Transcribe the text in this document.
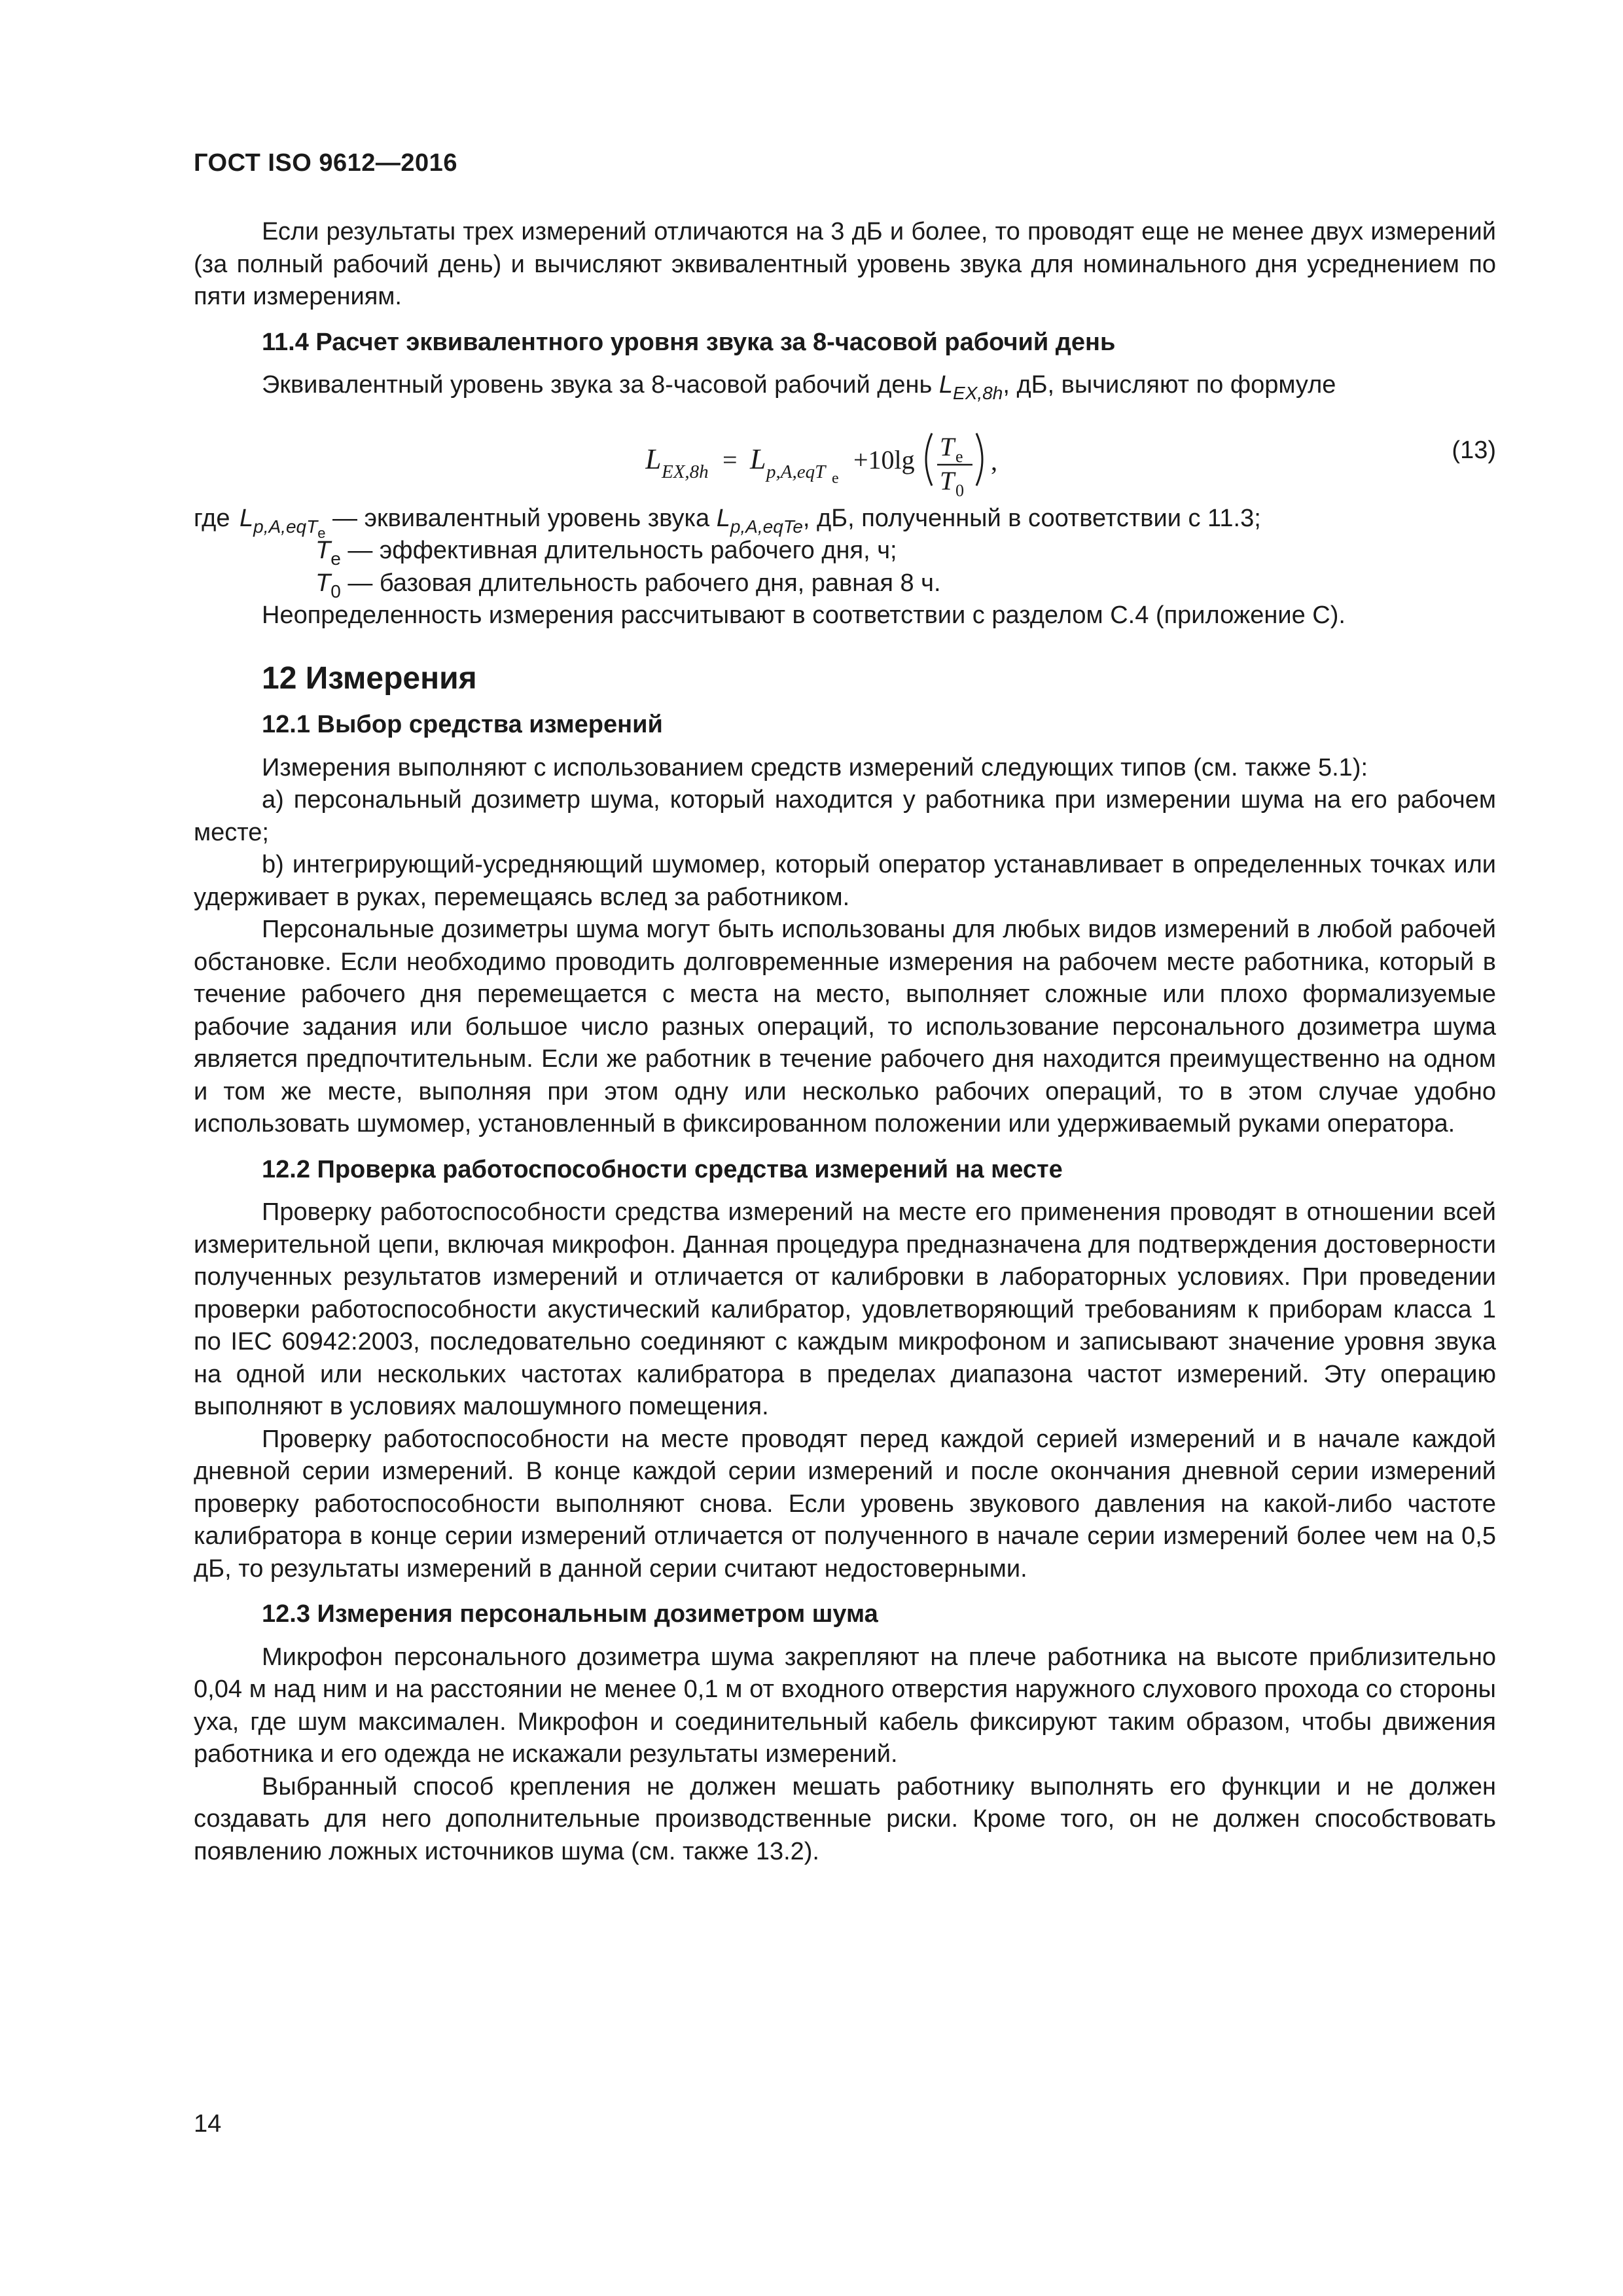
ГОСТ ISO 9612—2016

Если результаты трех измерений отличаются на 3 дБ и более, то проводят еще не менее двух измерений (за полный рабочий день) и вычисляют эквивалентный уровень звука для номинального дня усреднением по пяти измерениям.

11.4 Расчет эквивалентного уровня звука за 8-часовой рабочий день

Эквивалентный уровень звука за 8-часовой рабочий день $L_{EX,8h}$, дБ, вычисляют по формуле

L EX,8h = L p,A,eqT e
+10lg T e
T 0
,	(13)
где $L_{p,A,eqTe}$ — эквивалентный уровень звука $L_{p,A,eqTe}$, дБ, полученный в соответствии с 11.3;
$T_e$ — эффективная длительность рабочего дня, ч;
$T_0$ — базовая длительность рабочего дня, равная 8 ч.

Неопределенность измерения рассчитывают в соответствии с разделом С.4 (приложение С).

12 Измерения

12.1 Выбор средства измерений

Измерения выполняют с использованием средств измерений следующих типов (см. также 5.1):

a) персональный дозиметр шума, который находится у работника при измерении шума на его рабочем месте;

b) интегрирующий-усредняющий шумомер, который оператор устанавливает в определенных точках или удерживает в руках, перемещаясь вслед за работником.

Персональные дозиметры шума могут быть использованы для любых видов измерений в любой рабочей обстановке. Если необходимо проводить долговременные измерения на рабочем месте работника, который в течение рабочего дня перемещается с места на место, выполняет сложные или плохо формализуемые рабочие задания или большое число разных операций, то использование персонального дозиметра шума является предпочтительным. Если же работник в течение рабочего дня находится преимущественно на одном и том же месте, выполняя при этом одну или несколько рабочих операций, то в этом случае удобно использовать шумомер, установленный в фиксированном положении или удерживаемый руками оператора.

12.2 Проверка работоспособности средства измерений на месте

Проверку работоспособности средства измерений на месте его применения проводят в отношении всей измерительной цепи, включая микрофон. Данная процедура предназначена для подтверждения достоверности полученных результатов измерений и отличается от калибровки в лабораторных условиях. При проведении проверки работоспособности акустический калибратор, удовлетворяющий требованиям к приборам класса 1 по IEC 60942:2003, последовательно соединяют с каждым микрофоном и записывают значение уровня звука на одной или нескольких частотах калибратора в пределах диапазона частот измерений. Эту операцию выполняют в условиях малошумного помещения.

Проверку работоспособности на месте проводят перед каждой серией измерений и в начале каждой дневной серии измерений. В конце каждой серии измерений и после окончания дневной серии измерений проверку работоспособности выполняют снова. Если уровень звукового давления на какой-либо частоте калибратора в конце серии измерений отличается от полученного в начале серии измерений более чем на 0,5 дБ, то результаты измерений в данной серии считают недостоверными.

12.3 Измерения персональным дозиметром шума

Микрофон персонального дозиметра шума закрепляют на плече работника на высоте приблизительно 0,04 м над ним и на расстоянии не менее 0,1 м от входного отверстия наружного слухового прохода со стороны уха, где шум максимален. Микрофон и соединительный кабель фиксируют таким образом, чтобы движения работника и его одежда не искажали результаты измерений.

Выбранный способ крепления не должен мешать работнику выполнять его функции и не должен создавать для него дополнительные производственные риски. Кроме того, он не должен способствовать появлению ложных источников шума (см. также 13.2).

14
